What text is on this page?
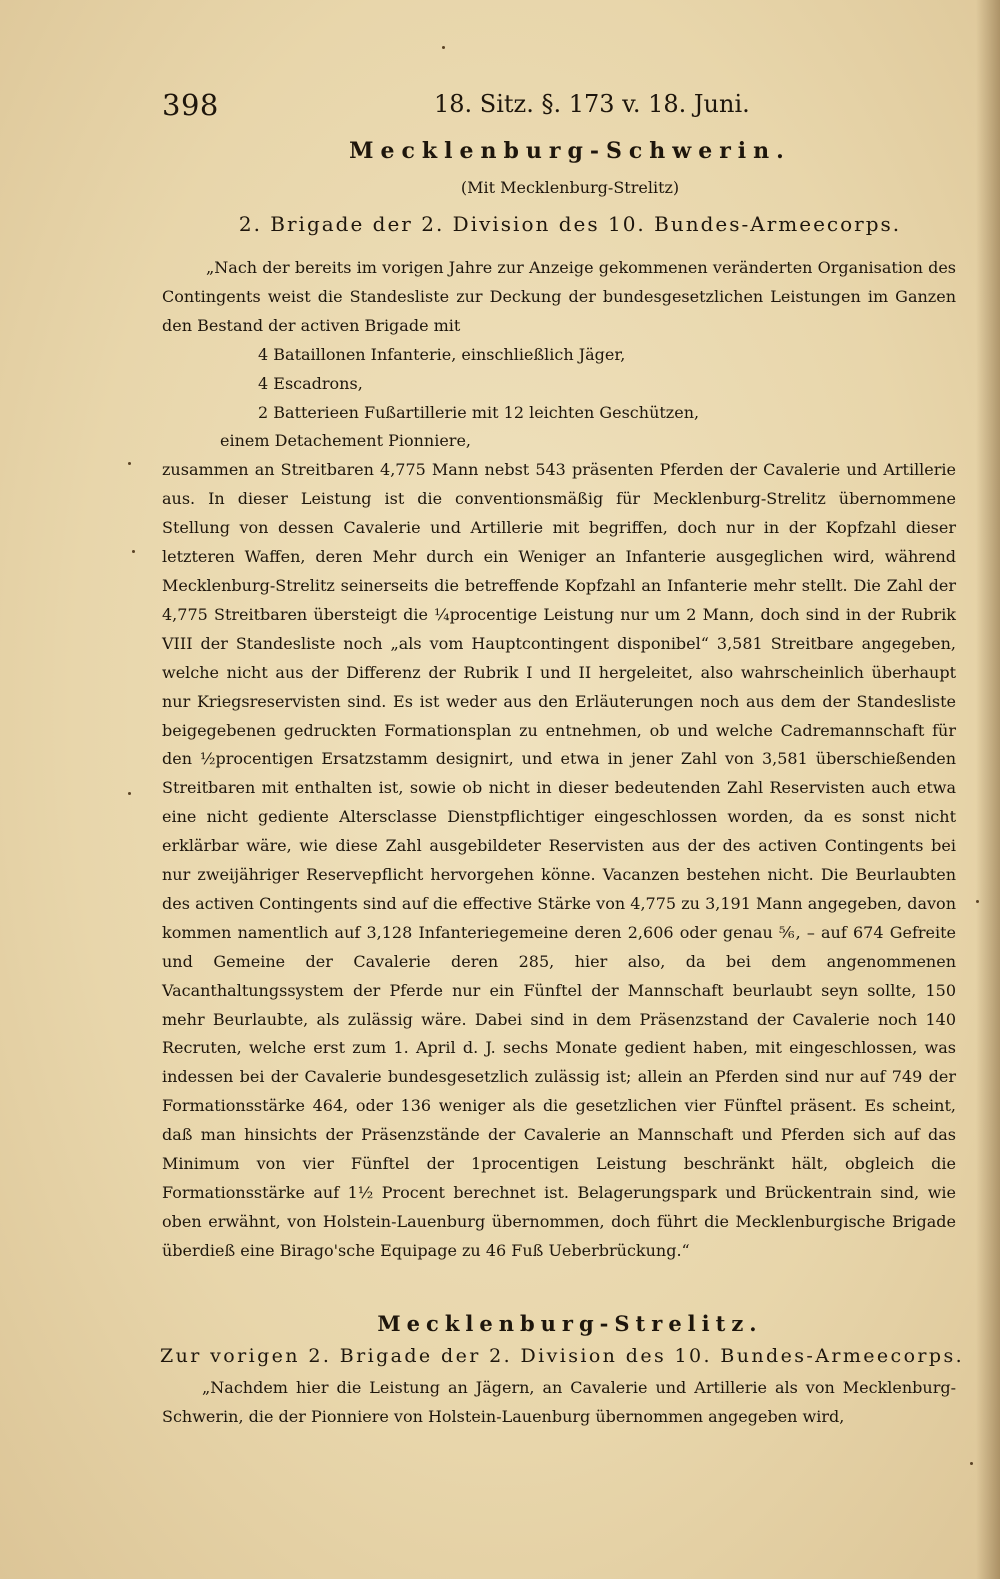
398	18. Sitz. §. 173 v. 18. Juni.
Mecklenburg-Schwerin.
(Mit Mecklenburg-Strelitz)
2. Brigade der 2. Division des 10. Bundes-Armeecorps.

„Nach der bereits im vorigen Jahre zur Anzeige gekommenen veränderten Organisation des Contingents weist die Standesliste zur Deckung der bundesgesetzlichen Leistungen im Ganzen den Bestand der activen Brigade mit

4 Bataillonen Infanterie, einschließlich Jäger,
4 Escadrons,
2 Batterieen Fußartillerie mit 12 leichten Geschützen,
einem Detachement Pionniere,

zusammen an Streitbaren 4,775 Mann nebst 543 präsenten Pferden der Cavalerie und Artillerie aus. In dieser Leistung ist die conventionsmäßig für Mecklenburg-Strelitz übernommene Stellung von dessen Cavalerie und Artillerie mit begriffen, doch nur in der Kopfzahl dieser letzteren Waffen, deren Mehr durch ein Weniger an Infanterie ausgeglichen wird, während Mecklenburg-Strelitz seinerseits die betreffende Kopfzahl an Infanterie mehr stellt. Die Zahl der 4,775 Streitbaren übersteigt die ¼procentige Leistung nur um 2 Mann, doch sind in der Rubrik VIII der Standesliste noch „als vom Hauptcontingent disponibel“ 3,581 Streitbare angegeben, welche nicht aus der Differenz der Rubrik I und II hergeleitet, also wahrscheinlich überhaupt nur Kriegsreservisten sind. Es ist weder aus den Erläuterungen noch aus dem der Standesliste beigegebenen gedruckten Formationsplan zu entnehmen, ob und welche Cadremannschaft für den ½procentigen Ersatzstamm designirt, und etwa in jener Zahl von 3,581 überschießenden Streitbaren mit enthalten ist, sowie ob nicht in dieser bedeutenden Zahl Reservisten auch etwa eine nicht gediente Altersclasse Dienstpflichtiger eingeschlossen worden, da es sonst nicht erklärbar wäre, wie diese Zahl ausgebildeter Reservisten aus der des activen Contingents bei nur zweijähriger Reservepflicht hervorgehen könne. Vacanzen bestehen nicht. Die Beurlaubten des activen Contingents sind auf die effective Stärke von 4,775 zu 3,191 Mann angegeben, davon kommen namentlich auf 3,128 Infanteriegemeine deren 2,606 oder genau ⅚, – auf 674 Gefreite und Gemeine der Cavalerie deren 285, hier also, da bei dem angenommenen Vacanthaltungssystem der Pferde nur ein Fünftel der Mannschaft beurlaubt seyn sollte, 150 mehr Beurlaubte, als zulässig wäre. Dabei sind in dem Präsenzstand der Cavalerie noch 140 Recruten, welche erst zum 1. April d. J. sechs Monate gedient haben, mit eingeschlossen, was indessen bei der Cavalerie bundesgesetzlich zulässig ist; allein an Pferden sind nur auf 749 der Formationsstärke 464, oder 136 weniger als die gesetzlichen vier Fünftel präsent. Es scheint, daß man hinsichts der Präsenzstände der Cavalerie an Mannschaft und Pferden sich auf das Minimum von vier Fünftel der 1procentigen Leistung beschränkt hält, obgleich die Formationsstärke auf 1½ Procent berechnet ist. Belagerungspark und Brückentrain sind, wie oben erwähnt, von Holstein-Lauenburg übernommen, doch führt die Mecklenburgische Brigade überdieß eine Birago'sche Equipage zu 46 Fuß Ueberbrückung.“

Mecklenburg-Strelitz.
Zur vorigen 2. Brigade der 2. Division des 10. Bundes-Armeecorps.

„Nachdem hier die Leistung an Jägern, an Cavalerie und Artillerie als von Mecklenburg-Schwerin, die der Pionniere von Holstein-Lauenburg übernommen angegeben wird,
